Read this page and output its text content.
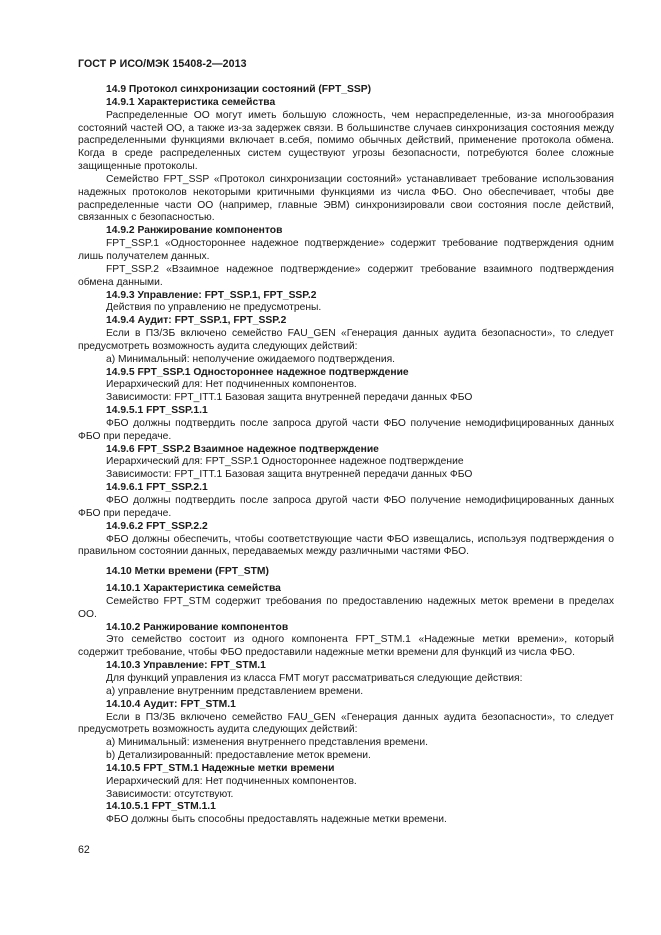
ГОСТ Р ИСО/МЭК 15408-2—2013

14.9 Протокол синхронизации состояний (FPT_SSP)

14.9.1 Характеристика семейства

Распределенные ОО могут иметь большую сложность, чем нераспределенные, из-за многообразия состояний частей ОО, а также из-за задержек связи. В большинстве случаев синхронизация состояния между распределенными функциями включает в.себя, помимо обычных действий, применение протокола обмена. Когда в среде распределенных систем существуют угрозы безопасности, потребуются более сложные защищенные протоколы.

Семейство FPT_SSP «Протокол синхронизации состояний» устанавливает требование использования надежных протоколов некоторыми критичными функциями из числа ФБО. Оно обеспечивает, чтобы две распределенные части ОО (например, главные ЭВМ) синхронизировали свои состояния после действий, связанных с безопасностью.

14.9.2 Ранжирование компонентов

FPT_SSP.1 «Одностороннее надежное подтверждение» содержит требование подтверждения одним лишь получателем данных.

FPT_SSP.2 «Взаимное надежное подтверждение» содержит требование взаимного подтверждения обмена данными.

14.9.3 Управление: FPT_SSP.1, FPT_SSP.2

Действия по управлению не предусмотрены.

14.9.4 Аудит: FPT_SSP.1, FPT_SSP.2

Если в ПЗ/ЗБ включено семейство FAU_GEN «Генерация данных аудита безопасности», то следует предусмотреть возможность аудита следующих действий:

а) Минимальный: неполучение ожидаемого подтверждения.

14.9.5 FPT_SSP.1 Одностороннее надежное подтверждение

Иерархический для: Нет подчиненных компонентов.

Зависимости: FPT_ITT.1 Базовая защита внутренней передачи данных ФБО

14.9.5.1 FPT_SSP.1.1

ФБО должны подтвердить после запроса другой части ФБО получение немодифицированных данных ФБО при передаче.

14.9.6 FPT_SSP.2 Взаимное надежное подтверждение

Иерархический для: FPT_SSP.1 Одностороннее надежное подтверждение

Зависимости: FPT_ITT.1 Базовая защита внутренней передачи данных ФБО

14.9.6.1 FPT_SSP.2.1

ФБО должны подтвердить после запроса другой части ФБО получение немодифицированных данных ФБО при передаче.

14.9.6.2 FPT_SSP.2.2

ФБО должны обеспечить, чтобы соответствующие части ФБО извещались, используя подтверждения о правильном состоянии данных, передаваемых между различными частями ФБО.

14.10 Метки времени (FPT_STM)

14.10.1 Характеристика семейства

Семейство FPT_STM содержит требования по предоставлению надежных меток времени в пределах ОО.

14.10.2 Ранжирование компонентов

Это семейство состоит из одного компонента FPT_STM.1 «Надежные метки времени», который содержит требование, чтобы ФБО предоставили надежные метки времени для функций из числа ФБО.

14.10.3 Управление: FPT_STM.1

Для функций управления из класса FMT могут рассматриваться следующие действия:

а) управление внутренним представлением времени.

14.10.4 Аудит: FPT_STM.1

Если в ПЗ/ЗБ включено семейство FAU_GEN «Генерация данных аудита безопасности», то следует предусмотреть возможность аудита следующих действий:

а) Минимальный: изменения внутреннего представления времени.

b) Детализированный: предоставление меток времени.

14.10.5 FPT_STM.1 Надежные метки времени

Иерархический для: Нет подчиненных компонентов.

Зависимости: отсутствуют.

14.10.5.1 FPT_STM.1.1

ФБО должны быть способны предоставлять надежные метки времени.

62
